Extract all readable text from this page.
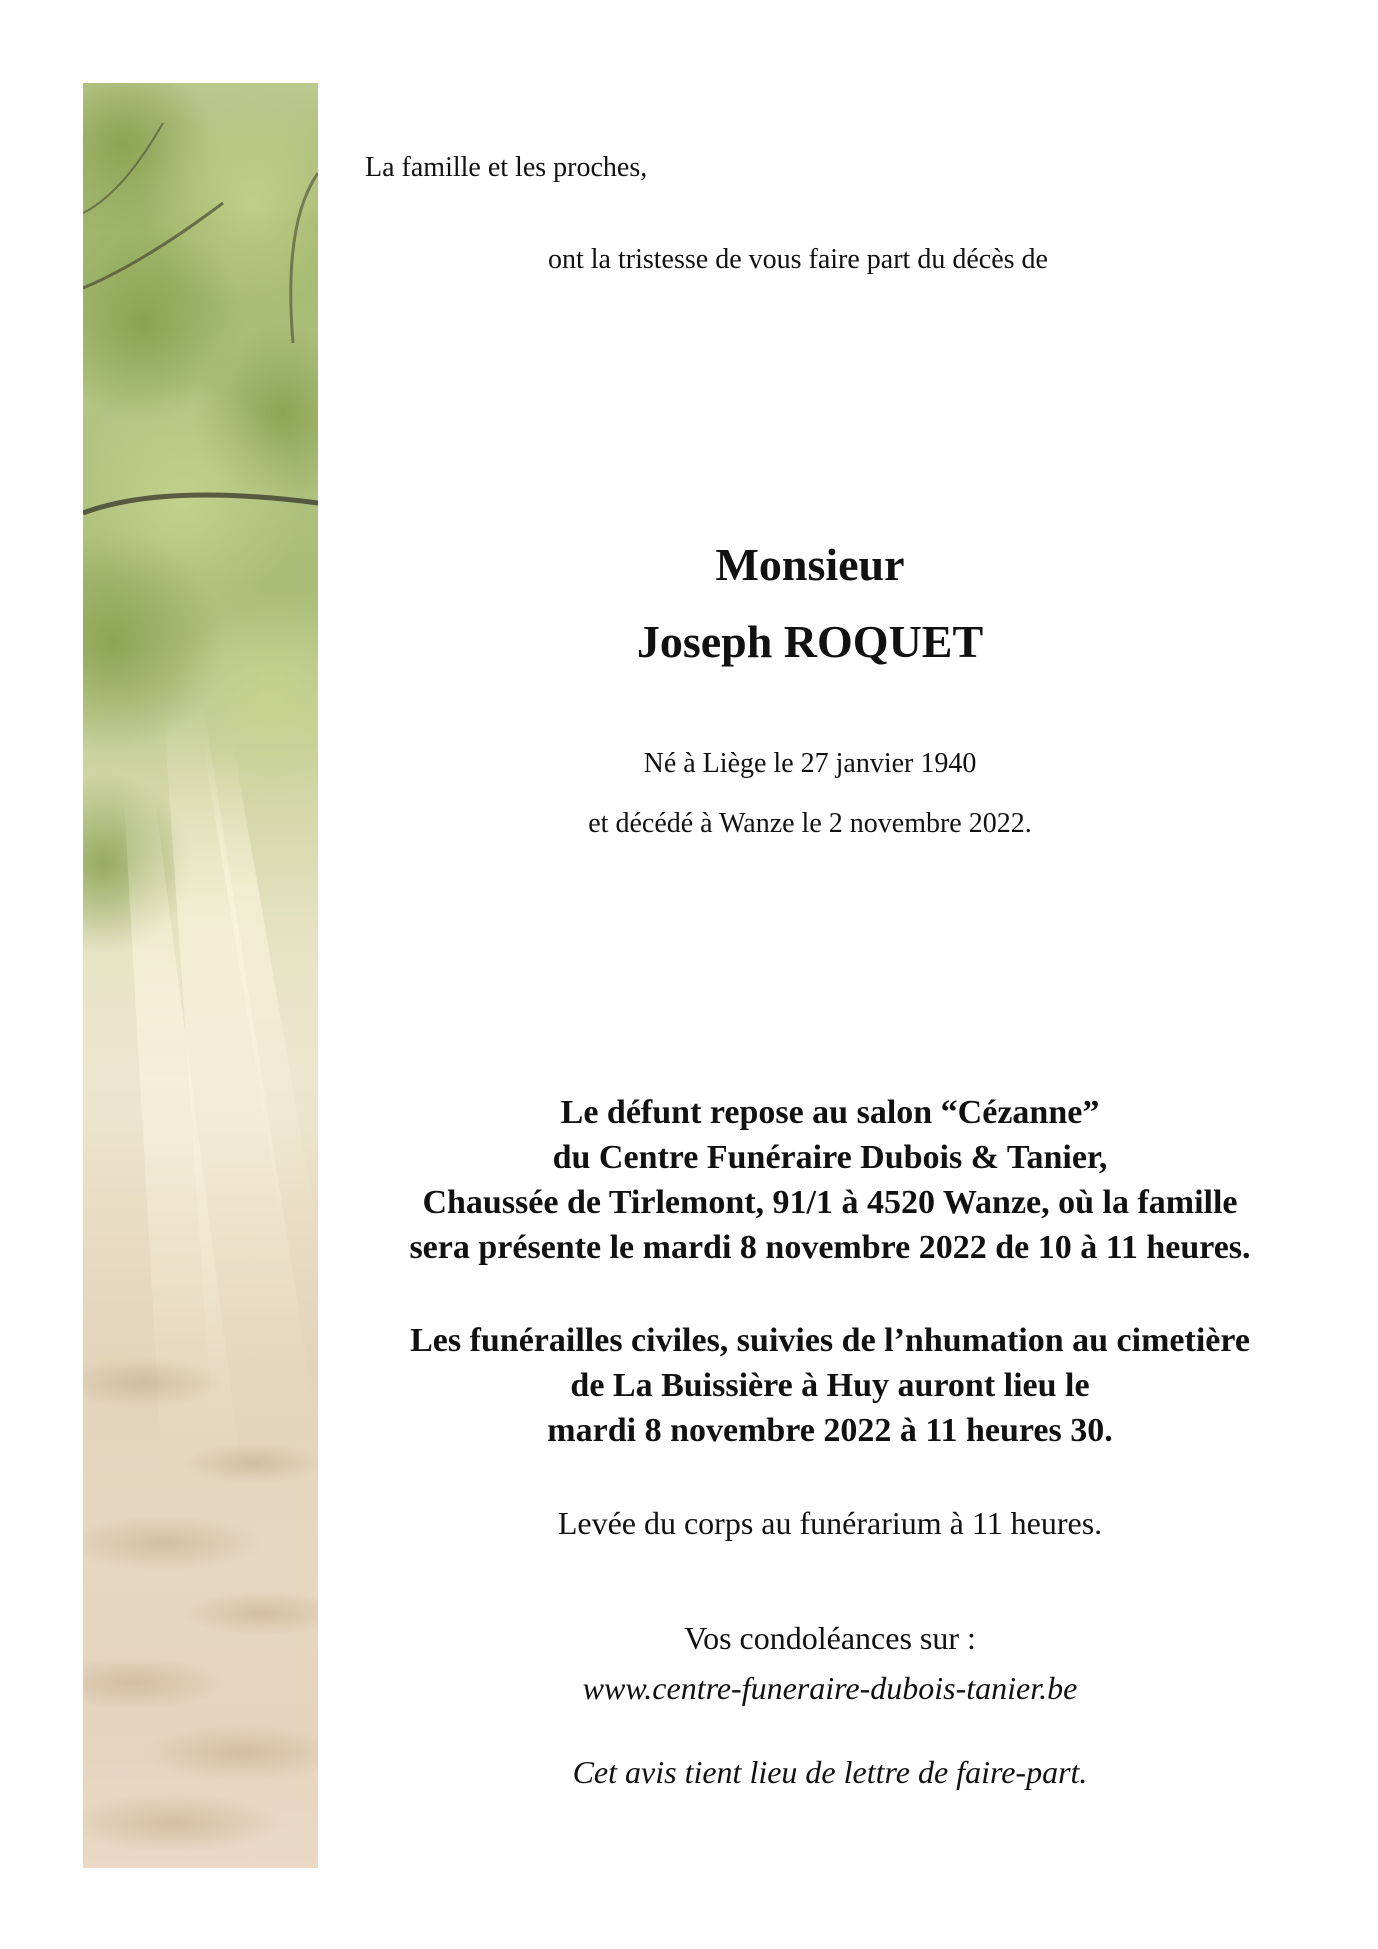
La famille et les proches,
ont la tristesse de vous faire part du décès de
Monsieur
Joseph ROQUET
Né à Liège le 27 janvier 1940
et décédé à Wanze le 2 novembre 2022.
Le défunt repose au salon “Cézanne”
du Centre Funéraire Dubois & Tanier,
Chaussée de Tirlemont, 91/1 à 4520 Wanze, où la famille
sera présente le mardi 8 novembre 2022 de 10 à 11 heures.
Les funérailles civiles, suivies de l’nhumation au cimetière
de La Buissière à Huy auront lieu le
mardi 8 novembre 2022 à 11 heures 30.
Levée du corps au funérarium à 11 heures.
Vos condoléances sur :
www.centre-funeraire-dubois-tanier.be
Cet avis tient lieu de lettre de faire-part.
